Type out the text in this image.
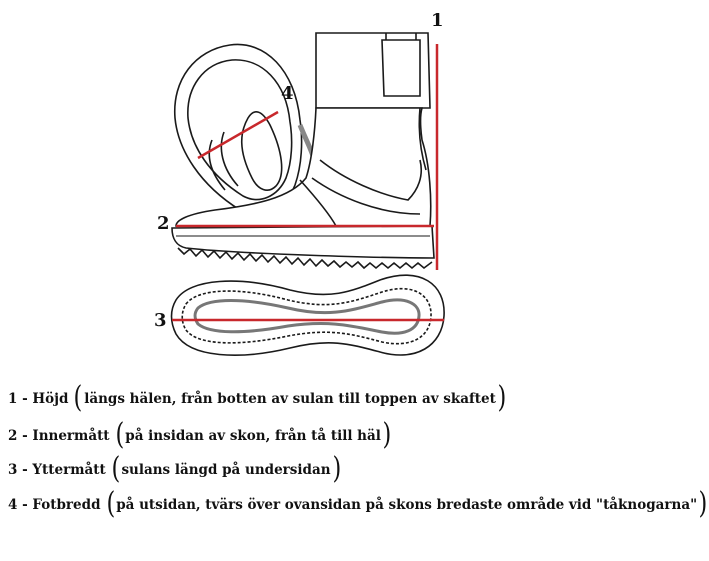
1
2
3
4
1 - Höjd ( längs hälen, från botten av sulan till toppen av skaftet )
2 - Innermått ( på insidan av skon, från tå till häl )
3 - Yttermått ( sulans längd på undersidan )
4 - Fotbredd ( på utsidan, tvärs över ovansidan på skons bredaste område vid "tåknogarna" )
